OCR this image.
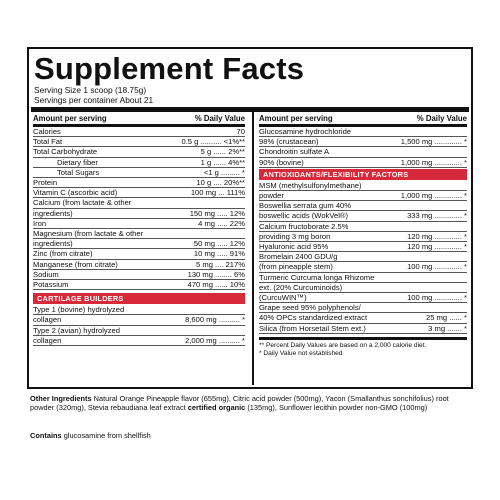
Supplement Facts
Serving Size 1 scoop (18.75g)
Servings per container About 21
Amount per serving	% Daily Value
Calories	70
Total Fat	0.5 g .......... <1%**
Total Carbohydrate	5 g ...... 2%**
Dietary fiber	1 g ...... 4%**
Total Sugars	<1 g ......... *
Protein	10 g .... 20%**
Vitamin C (ascorbic acid)	100 mg ... 111%
Calcium (from lactate & other
ingredients)	150 mg ..... 12%
Iron	4 mg ..... 22%
Magnesium (from lactate & other
ingredients)	50 mg ..... 12%
Zinc (from citrate)	10 mg ..... 91%
Manganese (from citrate)	5 mg .... 217%
Sodium	130 mg ........ 6%
Potassium	470 mg ...... 10%
CARTILAGE BUILDERS
Type 1 (bovine) hydrolyzed
collagen	8,600 mg .......... *
Type 2 (avian) hydrolyzed
collagen	2,000 mg .......... *
Amount per serving	% Daily Value
Glucosamine hydrochloride
98% (crustacean)	1,500 mg ............. *
Chondroitin sulfate A
90% (bovine)	1,000 mg ............. *
ANTIOXIDANTS/FLEXIBILITY FACTORS
MSM (methylsulfonylmethane)
powder	1,000 mg ............. *
Boswellia serrata gum 40%
boswellic acids (WokVel®)	333 mg ............. *
Calcium fructoborate 2.5%
providing 3 mg boron	120 mg ............. *
Hyaluronic acid 95%	120 mg ............. *
Bromelain 2400 GDU/g
(from pineapple stem)	100 mg ............. *
Turmeric Curcuma longa Rhizome
ext. (20% Curcuminoids)
(CurcuWIN™)	100 mg ............. *
Grape seed 95% polyphenols/
40% OPCs standardized extract	25 mg ...... *
Silica (from Horsetail Stem ext.)	3 mg ....... *
** Percent Daily Values are based on a 2,000 calorie diet.
* Daily Value not established
Other Ingredients Natural Orange Pineapple flavor (655mg), Citric acid powder (500mg), Yacon (Smallanthus sonchifolius) root powder (320mg), Stevia rebaudiana leaf extract certified organic (135mg), Sunflower lecithin powder non-GMO (100mg)
Contains glucosamine from shellfish
